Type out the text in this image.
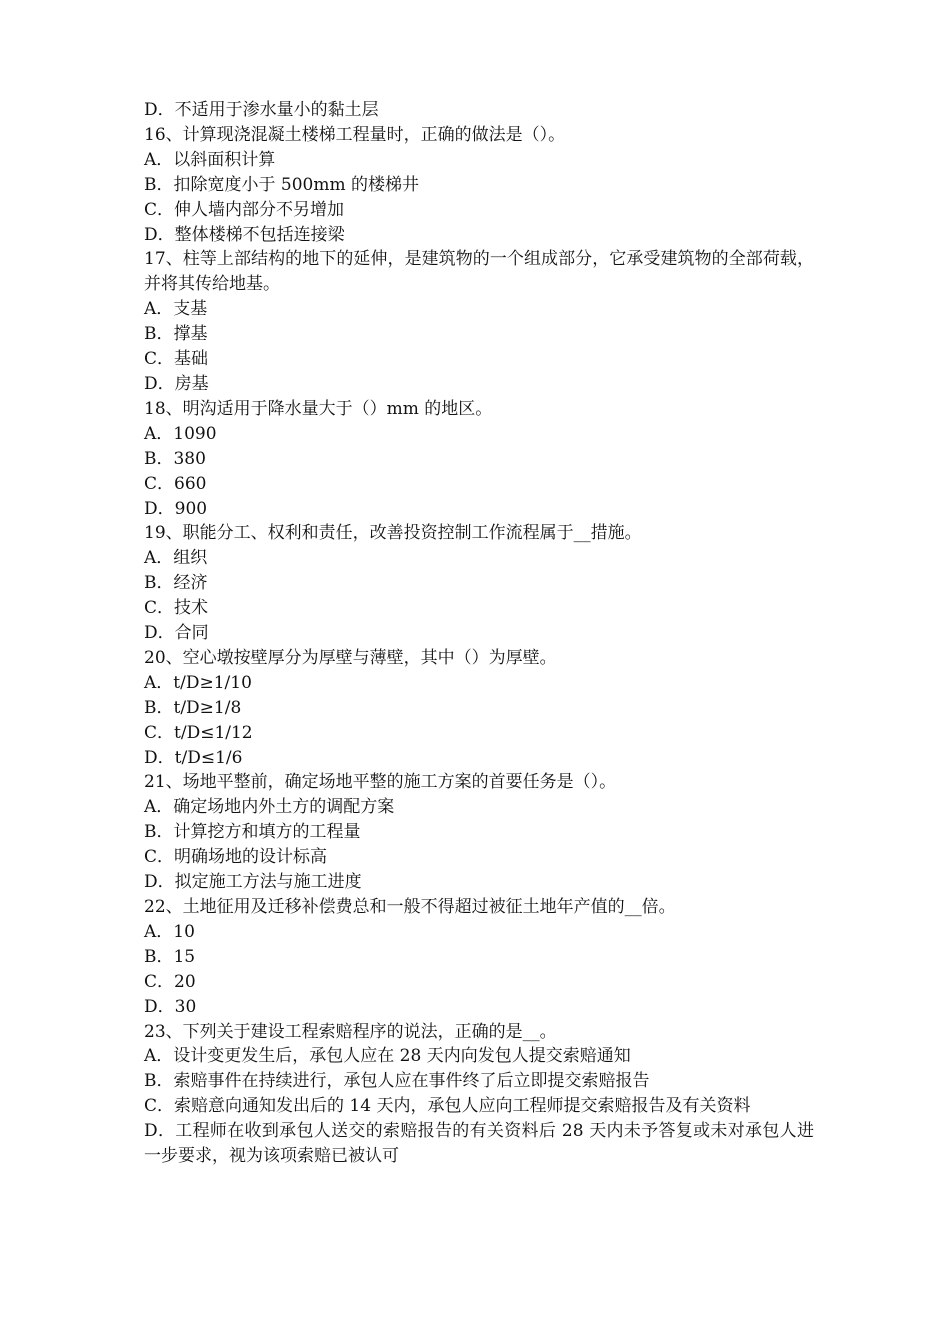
D．不适用于渗水量小的黏土层
16、计算现浇混凝土楼梯工程量时，正确的做法是（）。
A．以斜面积计算
B．扣除宽度小于 500mm 的楼梯井
C．伸人墙内部分不另增加
D．整体楼梯不包括连接梁
17、柱等上部结构的地下的延伸，是建筑物的一个组成部分，它承受建筑物的全部荷载，并将其传给地基。
A．支基
B．撑基
C．基础
D．房基
18、明沟适用于降水量大于（）mm 的地区。
A．1090
B．380
C．660
D．900
19、职能分工、权利和责任，改善投资控制工作流程属于__措施。
A．组织
B．经济
C．技术
D．合同
20、空心墩按壁厚分为厚壁与薄壁，其中（）为厚壁。
A．t/D≥1/10
B．t/D≥1/8
C．t/D≤1/12
D．t/D≤1/6
21、场地平整前，确定场地平整的施工方案的首要任务是（）。
A．确定场地内外土方的调配方案
B．计算挖方和填方的工程量
C．明确场地的设计标高
D．拟定施工方法与施工进度
22、土地征用及迁移补偿费总和一般不得超过被征土地年产值的__倍。
A．10
B．15
C．20
D．30
23、下列关于建设工程索赔程序的说法，正确的是__。
A．设计变更发生后，承包人应在 28 天内向发包人提交索赔通知
B．索赔事件在持续进行，承包人应在事件终了后立即提交索赔报告
C．索赔意向通知发出后的 14 天内，承包人应向工程师提交索赔报告及有关资料
D．工程师在收到承包人送交的索赔报告的有关资料后 28 天内未予答复或未对承包人进一步要求，视为该项索赔已被认可
